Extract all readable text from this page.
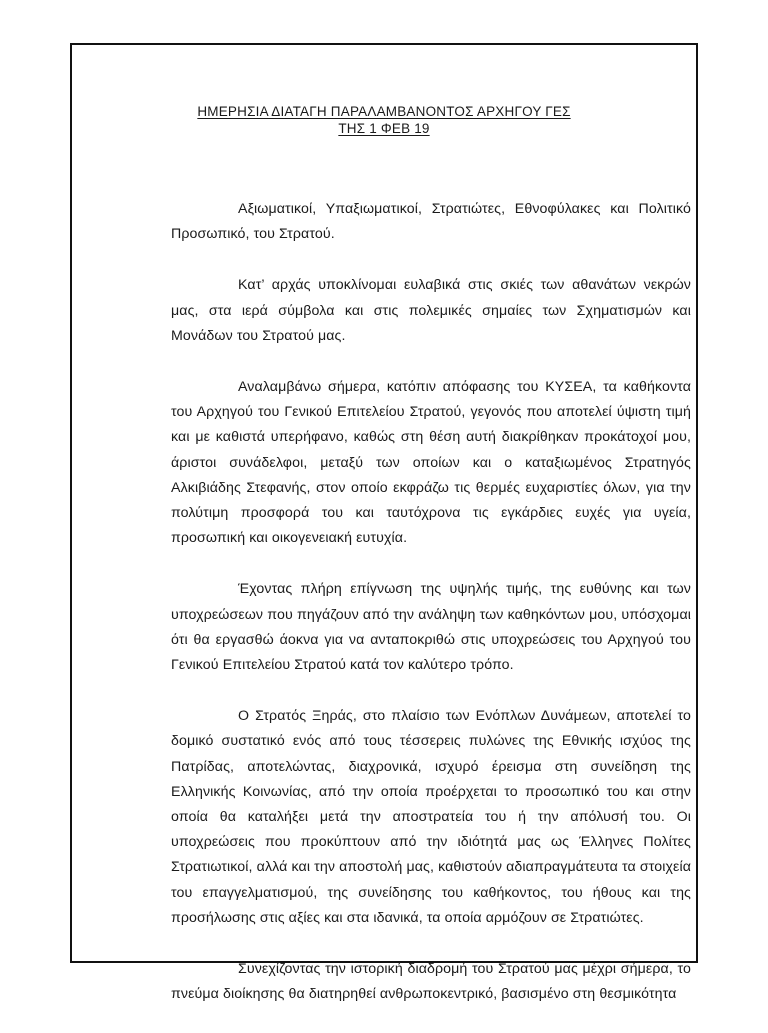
ΗΜΕΡΗΣΙΑ ΔΙΑΤΑΓΗ ΠΑΡΑΛΑΜΒΑΝΟΝΤΟΣ ΑΡΧΗΓΟΥ ΓΕΣ
ΤΗΣ 1 ΦΕΒ 19

Αξιωματικοί, Υπαξιωματικοί, Στρατιώτες, Εθνοφύλακες και Πολιτικό Προσωπικό, του Στρατού.

Κατ’ αρχάς υποκλίνομαι ευλαβικά στις σκιές των αθανάτων νεκρών μας, στα ιερά σύμβολα και στις πολεμικές σημαίες των Σχηματισμών και Μονάδων του Στρατού μας.

Αναλαμβάνω σήμερα, κατόπιν απόφασης του ΚΥΣΕΑ, τα καθήκοντα του Αρχηγού του Γενικού Επιτελείου Στρατού, γεγονός που αποτελεί ύψιστη τιμή και με καθιστά υπερήφανο, καθώς στη θέση αυτή διακρίθηκαν προκάτοχοί μου, άριστοι συνάδελφοι, μεταξύ των οποίων και ο καταξιωμένος Στρατηγός Αλκιβιάδης Στεφανής, στον οποίο εκφράζω τις θερμές ευχαριστίες όλων, για την πολύτιμη προσφορά του και ταυτόχρονα τις εγκάρδιες ευχές για υγεία, προσωπική και οικογενειακή ευτυχία.

Έχοντας πλήρη επίγνωση της υψηλής τιμής, της ευθύνης και των υποχρεώσεων που πηγάζουν από την ανάληψη των καθηκόντων μου, υπόσχομαι ότι θα εργασθώ άοκνα για να ανταποκριθώ στις υποχρεώσεις του Αρχηγού του Γενικού Επιτελείου Στρατού κατά τον καλύτερο τρόπο.

Ο Στρατός Ξηράς, στο πλαίσιο των Ενόπλων Δυνάμεων, αποτελεί το δομικό συστατικό ενός από τους τέσσερεις πυλώνες της Εθνικής ισχύος της Πατρίδας, αποτελώντας, διαχρονικά, ισχυρό έρεισμα στη συνείδηση της Ελληνικής Κοινωνίας, από την οποία προέρχεται το προσωπικό του και στην οποία θα καταλήξει μετά την αποστρατεία του ή την απόλυσή του. Οι υποχρεώσεις που προκύπτουν από την ιδιότητά μας ως Έλληνες Πολίτες Στρατιωτικοί, αλλά και την αποστολή μας, καθιστούν αδιαπραγμάτευτα τα στοιχεία του επαγγελματισμού, της συνείδησης του καθήκοντος, του ήθους και της προσήλωσης στις αξίες και στα ιδανικά, τα οποία αρμόζουν σε Στρατιώτες.

Συνεχίζοντας την ιστορική διαδρομή του Στρατού μας μέχρι σήμερα, το πνεύμα διοίκησης θα διατηρηθεί ανθρωποκεντρικό, βασισμένο στη θεσμικότητα
